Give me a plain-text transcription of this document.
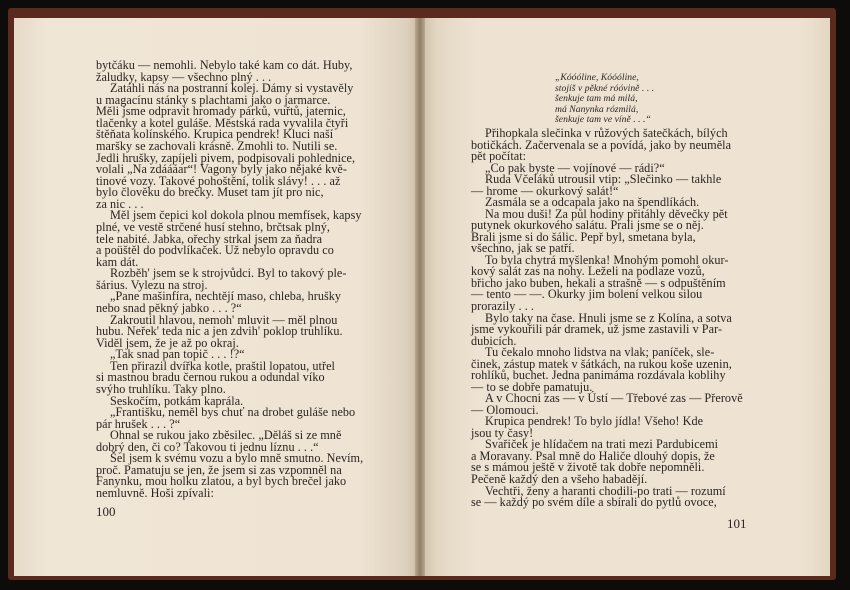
bytčáku — nemohli. Nebylo také kam co dát. Huby,
žaludky, kapsy — všechno plný . . .
Zatáhli nás na postranní kolej. Dámy si vystavěly
u magacínu stánky s plachtami jako o jarmarce.
Měli jsme odpravit hromady párků, vuřtů, jaternic,
tlačenky a kotel guláše. Městská rada vyvalila čtyři
štěňata kolínského. Krupica pendrek! Kluci naší
maršky se zachovali krásně. Zmohli to. Nutili se.
Jedli hrušky, zapíjeli pivem, podpisovali pohlednice,
volali „Na zdáááar“! Vagony byly jako nějaké kvě-
tinové vozy. Takové pohoštění, tolik slávy! . . . až
bylo člověku do brečky. Muset tam jít pro nic,
za nic . . .
Měl jsem čepici kol dokola plnou memfísek, kapsy
plné, ve vestě strčené husí stehno, brčtsak plný,
tele nabité. Jabka, ořechy strkal jsem za ňadra
a poüštěl do podvlíkaček. Už nebylo opravdu co
kam dát.
Rozběh' jsem se k strojvůdci. Byl to takový ple-
šárius. Vylezu na stroj.
„Pane mašinfíra, nechtějí maso, chleba, hrušky
nebo snad pěkný jabko . . . ?“
Zakroutil hlavou, nemoh' mluvit — měl plnou
hubu. Neřek' teda nic a jen zdvih' poklop truhlíku.
Viděl jsem, že je až po okraj.
„Tak snad pan topič . . . !?“
Ten přirazil dvířka kotle, praštil lopatou, utřel
si mastnou bradu černou rukou a odundal víko
svýho truhlíku. Taky plno.
Seskočím, potkám kaprála.
„Františku, neměl bys chuť na drobet guláše nebo
pár hrušek . . . ?“
Ohnal se rukou jako zběsilec. „Děláš si ze mně
dobrý den, či co? Takovou ti jednu líznu . . .“
Šel jsem k svému vozu a bylo mně smutno. Nevím,
proč. Pamatuju se jen, že jsem si zas vzpomněl na
Fanynku, mou holku zlatou, a byl bych brečel jako
nemluvně. Hoši zpívali:
100
„Kóóóline, Kóóóline,
stojíš v pěkné róóvině . . .
šenkuje tam má milá,
má Nanynka rózmilá,
šenkuje tam ve víně . . .“
Přihopkala slečinka v růžových šatečkách, bílých
botičkách. Začervenala se a povídá, jako by neuměla
pět počítat:
„Co pak byste — vojínové — rádi?“
Ruda Včeláků utrousil vtip: „Slečinko — takhle
— hrome — okurkový salát!“
Zasmála se a odcapala jako na špendlíkách.
Na mou duši! Za půl hodiny přitáhly děvečky pět
putynek okurkového salátu. Prali jsme se o něj.
Brali jsme si do šálic. Pepř byl, smetana byla,
všechno, jak se patří.
To byla chytrá myšlenka! Mnohým pomohl okur-
kový salát zas na nohy. Leželi na podlaze vozů,
břicho jako buben, hekali a strašně — s odpuštěním
— tento — —. Okurky jim bolení velkou silou
prorazily . . .
Bylo taky na čase. Hnuli jsme se z Kolína, a sotva
jsme vykouřili pár dramek, už jsme zastavili v Par-
dubicích.
Tu čekalo mnoho lidstva na vlak; paníček, sle-
činek, zástup matek v šátkách, na rukou koše uzenin,
rohlíků, buchet. Jedna panimáma rozdávala koblihy
— to se dobře pamatuju.
A v Chocni zas — v Ústí — Třebové zas — Přerově
— Olomouci.
Krupica pendrek! To bylo jídla! Všeho! Kde
jsou ty časy!
Svařiček je hlídačem na trati mezi Pardubicemi
a Moravany. Psal mně do Haliče dlouhý dopis, že
se s mámou ještě v životě tak dobře nepomněli.
Pečeně každý den a všeho habadějí.
Vechtři, ženy a haranti chodili-po trati — rozumí
se — každý po svém díle a sbírali do pytlů ovoce,
101
